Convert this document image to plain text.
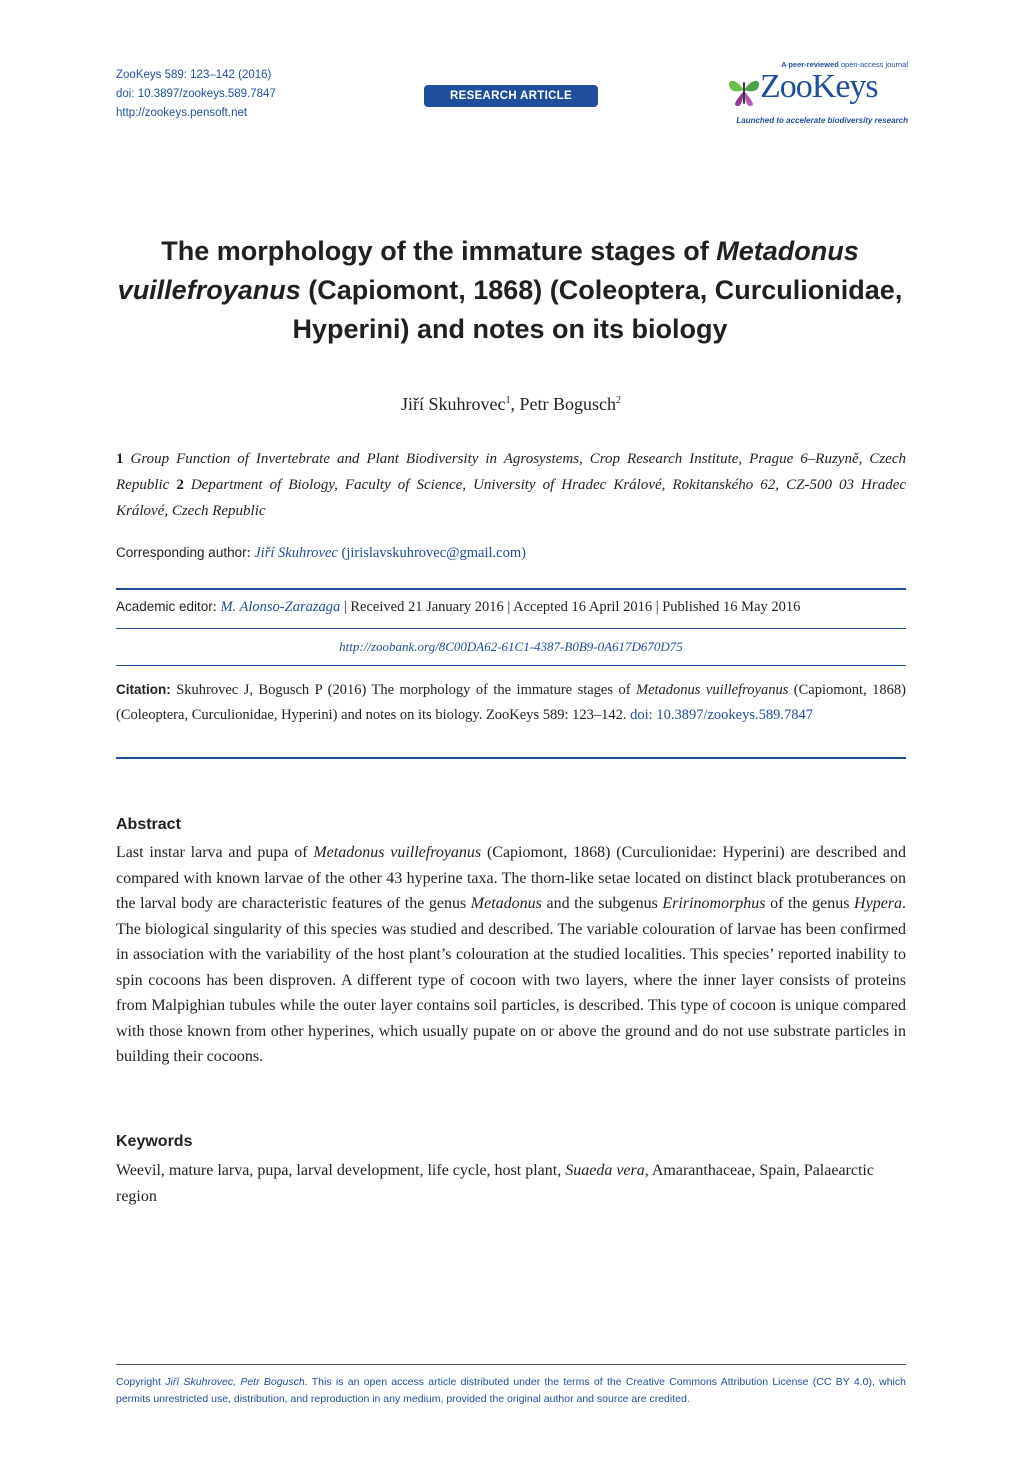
ZooKeys 589: 123–142 (2016)
doi: 10.3897/zookeys.589.7847
http://zookeys.pensoft.net
RESEARCH ARTICLE
A peer-reviewed open-access journal
ZooKeys
Launched to accelerate biodiversity research
The morphology of the immature stages of Metadonus vuillefroyanus (Capiomont, 1868) (Coleoptera, Curculionidae, Hyperini) and notes on its biology
Jiří Skuhrovec$^1$, Petr Bogusch$^2$
1 Group Function of Invertebrate and Plant Biodiversity in Agrosystems, Crop Research Institute, Prague 6–Ruzyně, Czech Republic 2 Department of Biology, Faculty of Science, University of Hradec Králové, Rokitanského 62, CZ-500 03 Hradec Králové, Czech Republic
Corresponding author: Jiří Skuhrovec (jirislavskuhrovec@gmail.com)
Academic editor: M. Alonso-Zarazaga | Received 21 January 2016 | Accepted 16 April 2016 | Published 16 May 2016
http://zoobank.org/8C00DA62-61C1-4387-B0B9-0A617D670D75
Citation: Skuhrovec J, Bogusch P (2016) The morphology of the immature stages of Metadonus vuillefroyanus (Capiomont, 1868) (Coleoptera, Curculionidae, Hyperini) and notes on its biology. ZooKeys 589: 123–142. doi: 10.3897/zookeys.589.7847
Abstract
Last instar larva and pupa of Metadonus vuillefroyanus (Capiomont, 1868) (Curculionidae: Hyperini) are described and compared with known larvae of the other 43 hyperine taxa. The thorn-like setae located on distinct black protuberances on the larval body are characteristic features of the genus Metadonus and the subgenus Eririnomorphus of the genus Hypera. The biological singularity of this species was studied and described. The variable colouration of larvae has been confirmed in association with the variability of the host plant’s colouration at the studied localities. This species’ reported inability to spin cocoons has been disproven. A different type of cocoon with two layers, where the inner layer consists of proteins from Malpighian tubules while the outer layer contains soil particles, is described. This type of cocoon is unique compared with those known from other hyperines, which usually pupate on or above the ground and do not use substrate particles in building their cocoons.
Keywords
Weevil, mature larva, pupa, larval development, life cycle, host plant, Suaeda vera, Amaranthaceae, Spain, Palaearctic region
Copyright Jiří Skuhrovec, Petr Bogusch. This is an open access article distributed under the terms of the Creative Commons Attribution License (CC BY 4.0), which permits unrestricted use, distribution, and reproduction in any medium, provided the original author and source are credited.
